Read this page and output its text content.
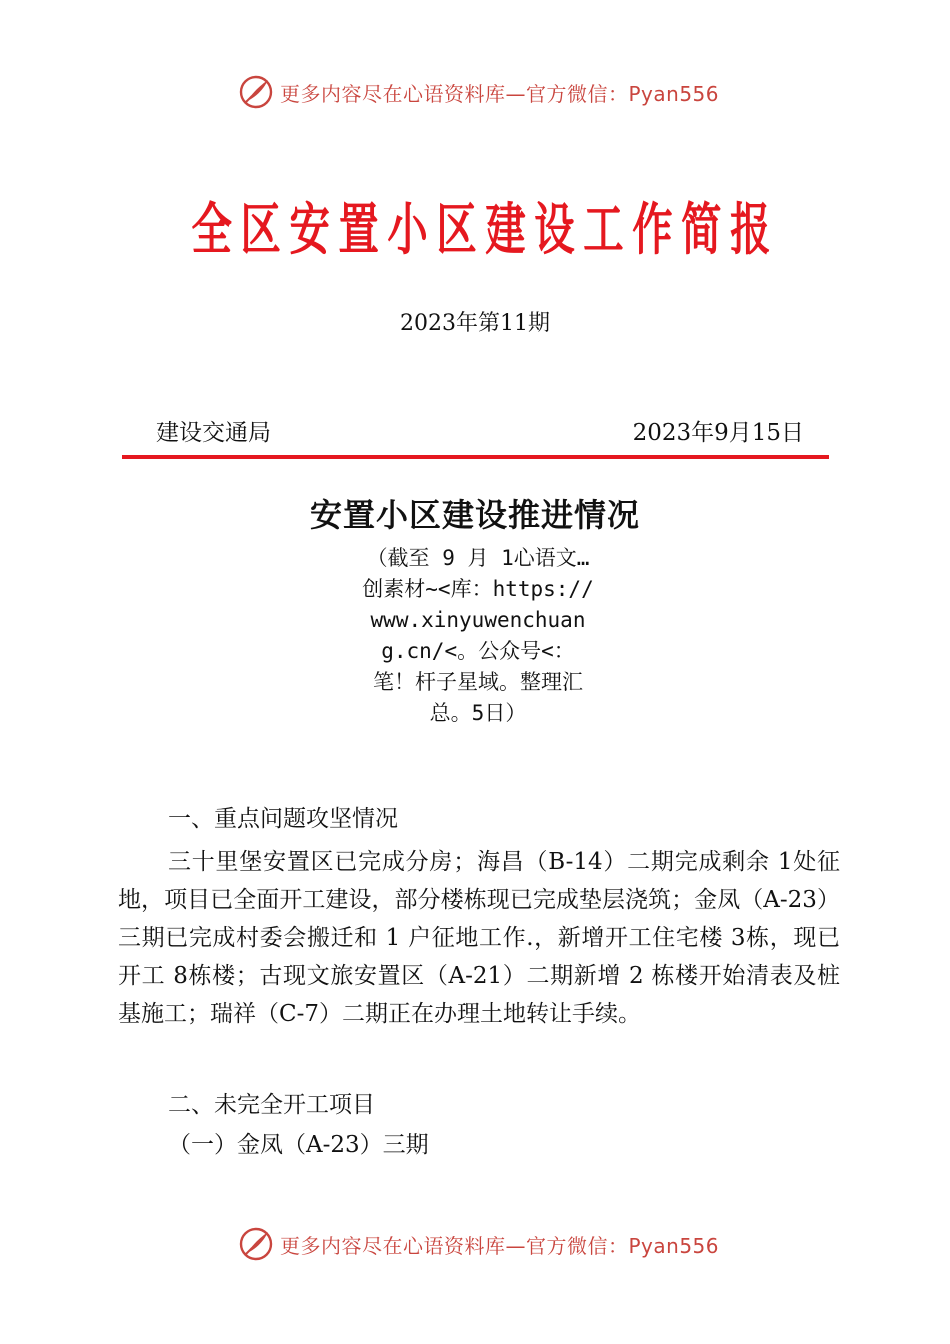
更多内容尽在心语资料库—官方微信：Pyan556
全区安置小区建设工作简报
2023年第11期
建设交通局	2023年9月15日
安置小区建设推进情况
（截至 9 月 1心语文…创素材~<库：https://www.xinyuwenchuang.cn/<。公众号<：笔！杆子星域。整理汇总。5日）
一、重点问题攻坚情况
三十里堡安置区已完成分房；海昌（B-14）二期完成剩余 1处征地，项目已全面开工建设，部分楼栋现已完成垫层浇筑；金凤（A-23）三期已完成村委会搬迁和 1 户征地工作.，新增开工住宅楼 3栋，现已开工 8栋楼；古现文旅安置区（A-21）二期新增 2 栋楼开始清表及桩基施工；瑞祥（C-7）二期正在办理土地转让手续。
二、未完全开工项目
（一）金凤（A-23）三期
更多内容尽在心语资料库—官方微信：Pyan556
